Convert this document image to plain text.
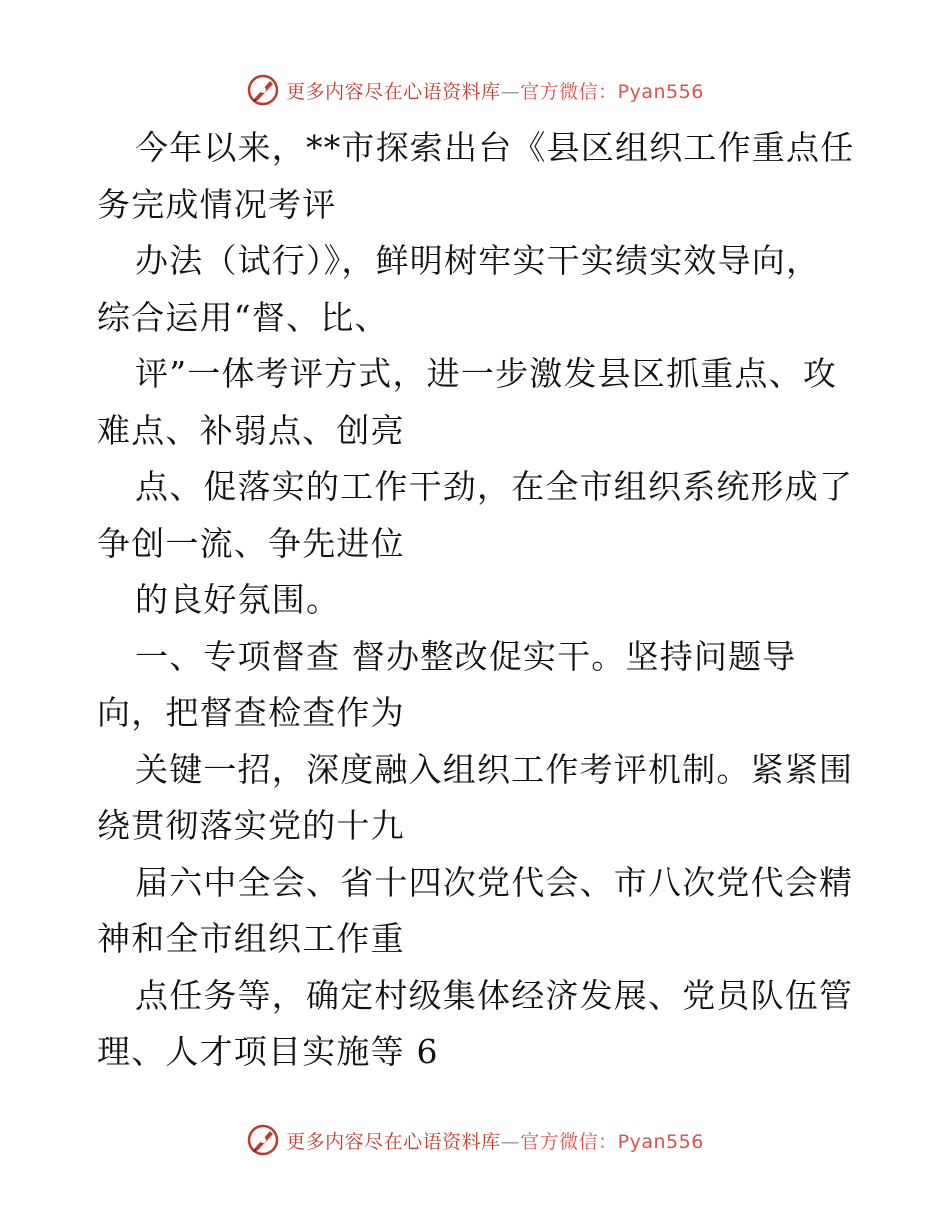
更多内容尽在心语资料库—官方微信：Pyan556
今年以来，**市探索出台《县区组织工作重点任
务完成情况考评
办法（试行）》，鲜明树牢实干实绩实效导向，
综合运用“督、比、
评”一体考评方式，进一步激发县区抓重点、攻
难点、补弱点、创亮
点、促落实的工作干劲，在全市组织系统形成了
争创一流、争先进位
的良好氛围。
一、专项督查 督办整改促实干。坚持问题导
向，把督查检查作为
关键一招，深度融入组织工作考评机制。紧紧围
绕贯彻落实党的十九
届六中全会、省十四次党代会、市八次党代会精
神和全市组织工作重
点任务等，确定村级集体经济发展、党员队伍管
理、人才项目实施等 6
更多内容尽在心语资料库—官方微信：Pyan556
